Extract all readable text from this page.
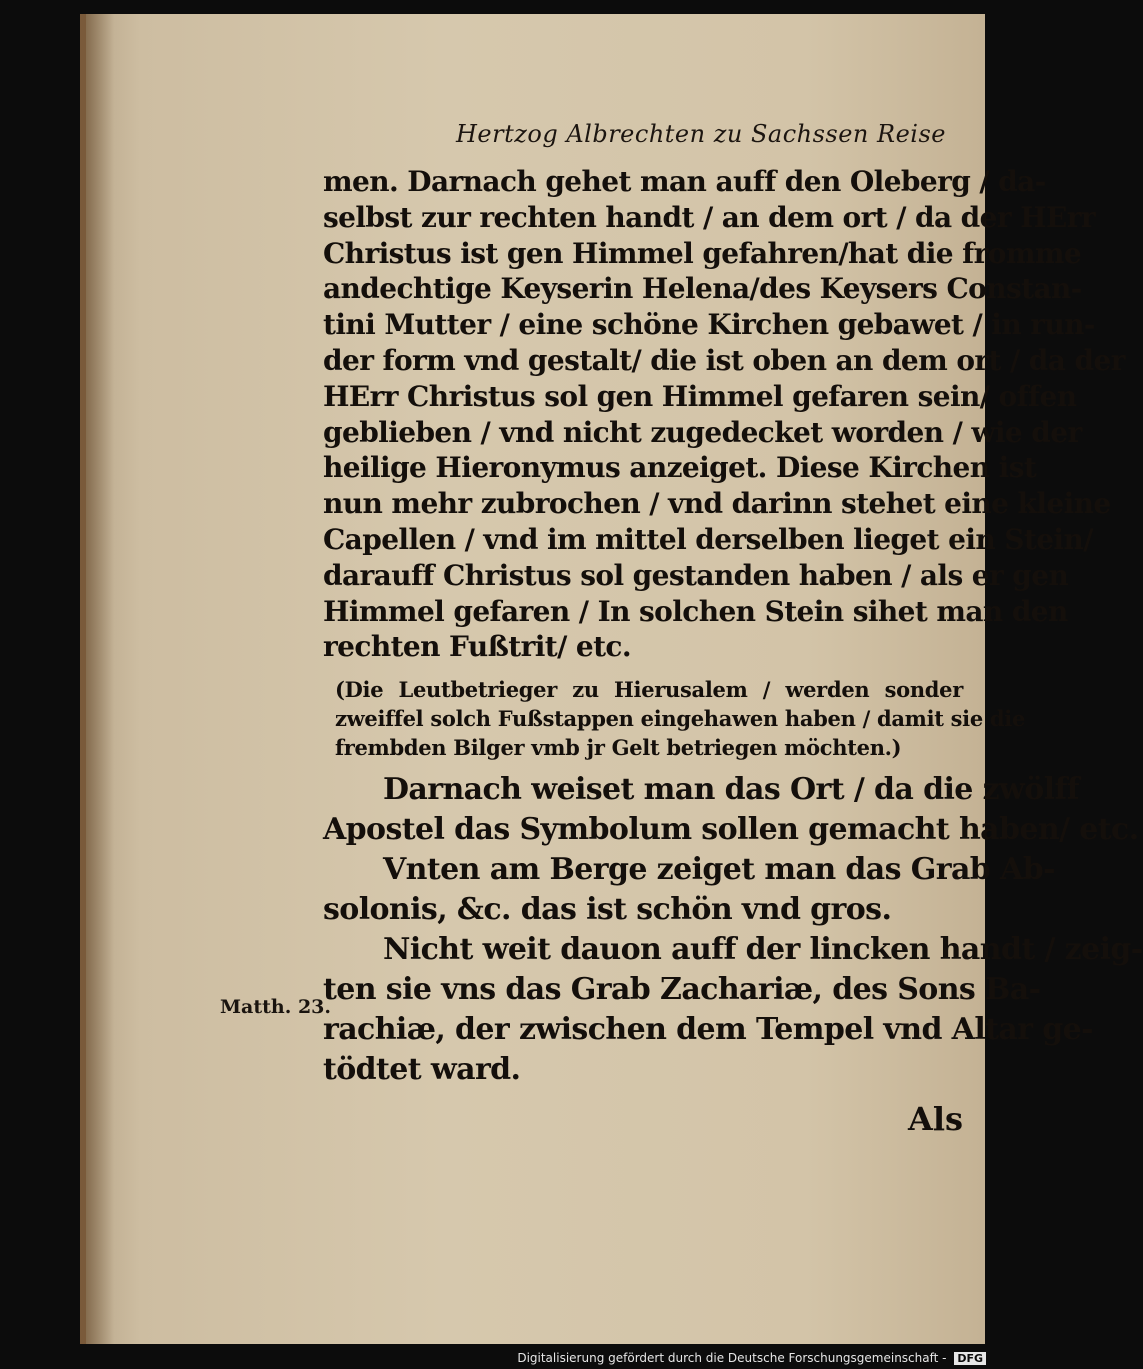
Hertzog Albrechten zu Sachssen Reise
men. Darnach gehet man auff den Oleberg / da-
selbst zur rechten handt / an dem ort / da der HErr
Christus ist gen Himmel gefahren/hat die fromme
andechtige Keyserin Helena/des Keysers Constan-
tini Mutter / eine schöne Kirchen gebawet / in run-
der form vnd gestalt/ die ist oben an dem ort / da der
HErr Christus sol gen Himmel gefaren sein/ offen
geblieben / vnd nicht zugedecket worden / wie der
heilige Hieronymus anzeiget. Diese Kirchen ist
nun mehr zubrochen / vnd darinn stehet eine kleine
Capellen / vnd im mittel derselben lieget ein Stein/
darauff Christus sol gestanden haben / als er gen
Himmel gefaren / In solchen Stein sihet man den
rechten Fußtrit/ etc.
(Die Leutbetrieger zu Hierusalem / werden sonder
zweiffel solch Fußstappen eingehawen haben / damit sie die
frembden Bilger vmb jr Gelt betriegen möchten.)
Darnach weiset man das Ort / da die zwölff
Apostel das Symbolum sollen gemacht haben/ etc.
Vnten am Berge zeiget man das Grab Ab-
solonis, &c. das ist schön vnd gros.
Nicht weit dauon auff der lincken handt / zeig-
ten sie vns das Grab Zachariæ, des Sons Ba-
rachiæ, der zwischen dem Tempel vnd Altar ge-
tödtet ward.
Matth. 23.
Als
Digitalisierung gefördert durch die Deutsche Forschungsgemeinschaft - DFG
